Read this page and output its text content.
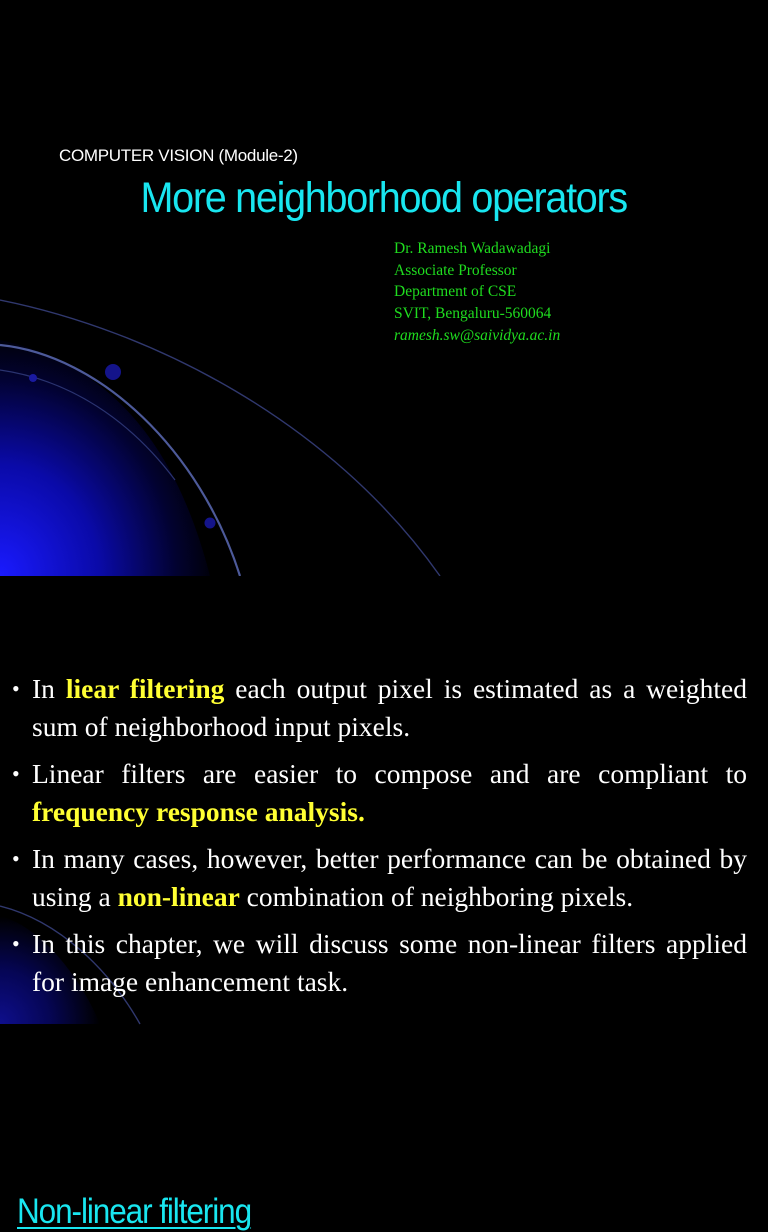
COMPUTER VISION (Module-2)
More neighborhood operators
Dr. Ramesh Wadawadagi
Associate Professor
Department of CSE
SVIT, Bengaluru-560064
ramesh.sw@saividya.ac.in
Non-linear filtering
• In liear filtering each output pixel is estimated as a weighted sum of neighborhood input pixels.
• Linear filters are easier to compose and are compliant to frequency response analysis.
• In many cases, however, better performance can be obtained by using a non-linear combination of neighboring pixels.
• In this chapter, we will discuss some non-linear filters applied for image enhancement task.
